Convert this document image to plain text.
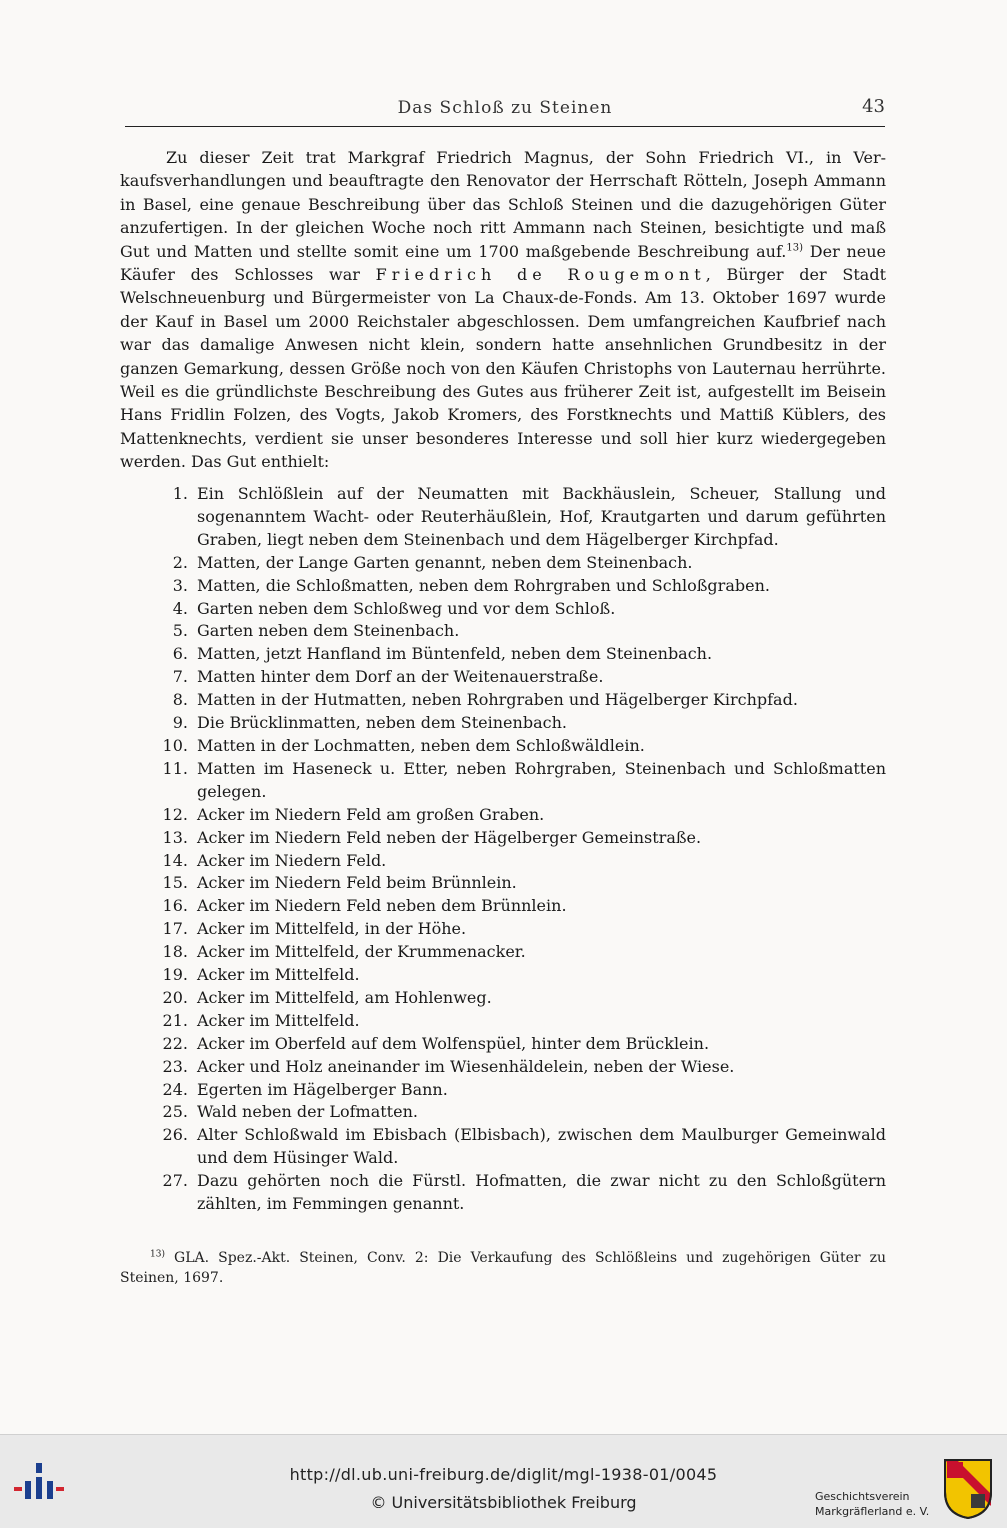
Das Schloß zu Steinen	43

Zu dieser Zeit trat Markgraf Friedrich Magnus, der Sohn Friedrich VI., in Verkaufsverhandlungen und beauftragte den Renovator der Herrschaft Rötteln, Joseph Ammann in Basel, eine genaue Beschreibung über das Schloß Steinen und die dazugehörigen Güter anzufertigen. In der gleichen Woche noch ritt Ammann nach Steinen, besichtigte und maß Gut und Matten und stellte somit eine um 1700 maßgebende Beschreibung auf.$^{13)}$ Der neue Käufer des Schlosses war Friedrich de Rougemont, Bürger der Stadt Welschneuenburg und Bürgermeister von La Chaux-de-Fonds. Am 13. Oktober 1697 wurde der Kauf in Basel um 2000 Reichstaler abgeschlossen. Dem umfangreichen Kaufbrief nach war das damalige Anwesen nicht klein, sondern hatte ansehnlichen Grundbesitz in der ganzen Gemarkung, dessen Größe noch von den Käufen Christophs von Lauternau herrührte. Weil es die gründlichste Beschreibung des Gutes aus früherer Zeit ist, aufgestellt im Beisein Hans Fridlin Folzen, des Vogts, Jakob Kromers, des Forstknechts und Mattiß Küblers, des Mattenknechts, verdient sie unser besonderes Interesse und soll hier kurz wiedergegeben werden. Das Gut enthielt:

1. Ein Schlößlein auf der Neumatten mit Backhäuslein, Scheuer, Stallung und sogenanntem Wacht- oder Reuterhäußlein, Hof, Krautgarten und darum geführten Graben, liegt neben dem Steinenbach und dem Hägelberger Kirchpfad.
2. Matten, der Lange Garten genannt, neben dem Steinenbach.
3. Matten, die Schloßmatten, neben dem Rohrgraben und Schloßgraben.
4. Garten neben dem Schloßweg und vor dem Schloß.
5. Garten neben dem Steinenbach.
6. Matten, jetzt Hanfland im Büntenfeld, neben dem Steinenbach.
7. Matten hinter dem Dorf an der Weitenauerstraße.
8. Matten in der Hutmatten, neben Rohrgraben und Hägelberger Kirchpfad.
9. Die Brücklinmatten, neben dem Steinenbach.
10. Matten in der Lochmatten, neben dem Schloßwäldlein.
11. Matten im Haseneck u. Etter, neben Rohrgraben, Steinenbach und Schloßmatten gelegen.
12. Acker im Niedern Feld am großen Graben.
13. Acker im Niedern Feld neben der Hägelberger Gemeinstraße.
14. Acker im Niedern Feld.
15. Acker im Niedern Feld beim Brünnlein.
16. Acker im Niedern Feld neben dem Brünnlein.
17. Acker im Mittelfeld, in der Höhe.
18. Acker im Mittelfeld, der Krummenacker.
19. Acker im Mittelfeld.
20. Acker im Mittelfeld, am Hohlenweg.
21. Acker im Mittelfeld.
22. Acker im Oberfeld auf dem Wolfenspüel, hinter dem Brücklein.
23. Acker und Holz aneinander im Wiesenhäldelein, neben der Wiese.
24. Egerten im Hägelberger Bann.
25. Wald neben der Lofmatten.
26. Alter Schloßwald im Ebisbach (Elbisbach), zwischen dem Maulburger Gemeinwald und dem Hüsinger Wald.
27. Dazu gehörten noch die Fürstl. Hofmatten, die zwar nicht zu den Schloßgütern zählten, im Femmingen genannt.

$^{13)}$ GLA. Spez.-Akt. Steinen, Conv. 2: Die Verkaufung des Schlößleins und zugehörigen Güter zu Steinen, 1697.

http://dl.ub.uni-freiburg.de/diglit/mgl-1938-01/0045
© Universitätsbibliothek Freiburg	Geschichtsverein
Markgräflerland e. V.
